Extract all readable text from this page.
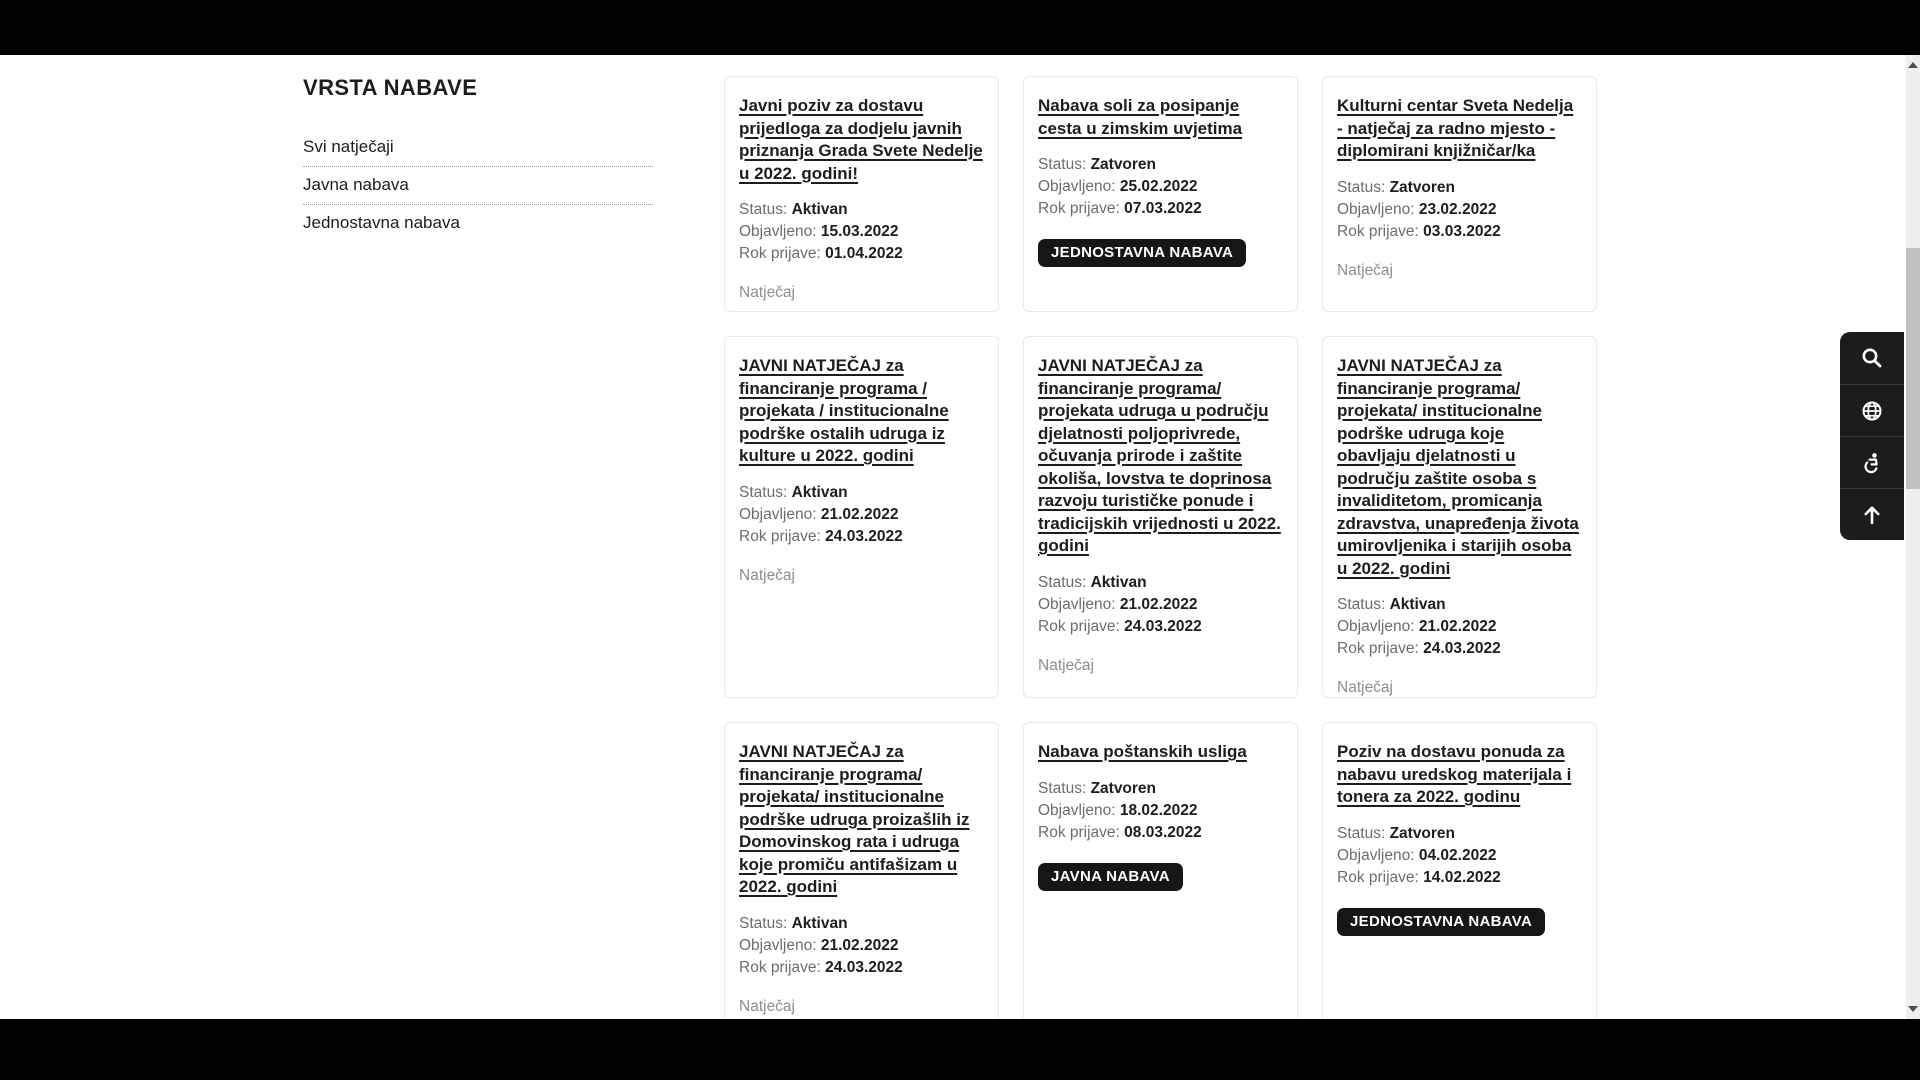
VRSTA NABAVE
Svi natječaji
Javna nabava
Jednostavna nabava
Javni poziv za dostavu prijedloga za dodjelu javnih priznanja Grada Svete Nedelje u 2022. godini!
Status: Aktivan
Objavljeno: 15.03.2022
Rok prijave: 01.04.2022
Natječaj
Nabava soli za posipanje cesta u zimskim uvjetima
Status: Zatvoren
Objavljeno: 25.02.2022
Rok prijave: 07.03.2022
JEDNOSTAVNA NABAVA
Kulturni centar Sveta Nedelja - natječaj za radno mjesto - diplomirani knjižničar/ka
Status: Zatvoren
Objavljeno: 23.02.2022
Rok prijave: 03.03.2022
Natječaj
JAVNI NATJEČAJ za financiranje programa / projekata / institucionalne podrške ostalih udruga iz kulture u 2022. godini
Status: Aktivan
Objavljeno: 21.02.2022
Rok prijave: 24.03.2022
Natječaj
JAVNI NATJEČAJ za financiranje programa/ projekata udruga u području djelatnosti poljoprivrede, očuvanja prirode i zaštite okoliša, lovstva te doprinosa razvoju turističke ponude i tradicijskih vrijednosti u 2022. godini
Status: Aktivan
Objavljeno: 21.02.2022
Rok prijave: 24.03.2022
Natječaj
JAVNI NATJEČAJ za financiranje programa/ projekata/ institucionalne podrške udruga koje obavljaju djelatnosti u području zaštite osoba s invaliditetom, promicanja zdravstva, unapređenja života umirovljenika i starijih osoba u 2022. godini
Status: Aktivan
Objavljeno: 21.02.2022
Rok prijave: 24.03.2022
Natječaj
JAVNI NATJEČAJ za financiranje programa/ projekata/ institucionalne podrške udruga proizašlih iz Domovinskog rata i udruga koje promiču antifašizam u 2022. godini
Status: Aktivan
Objavljeno: 21.02.2022
Rok prijave: 24.03.2022
Natječaj
Nabava poštanskih usliga
Status: Zatvoren
Objavljeno: 18.02.2022
Rok prijave: 08.03.2022
JAVNA NABAVA
Poziv na dostavu ponuda za nabavu uredskog materijala i tonera za 2022. godinu
Status: Zatvoren
Objavljeno: 04.02.2022
Rok prijave: 14.02.2022
JEDNOSTAVNA NABAVA
